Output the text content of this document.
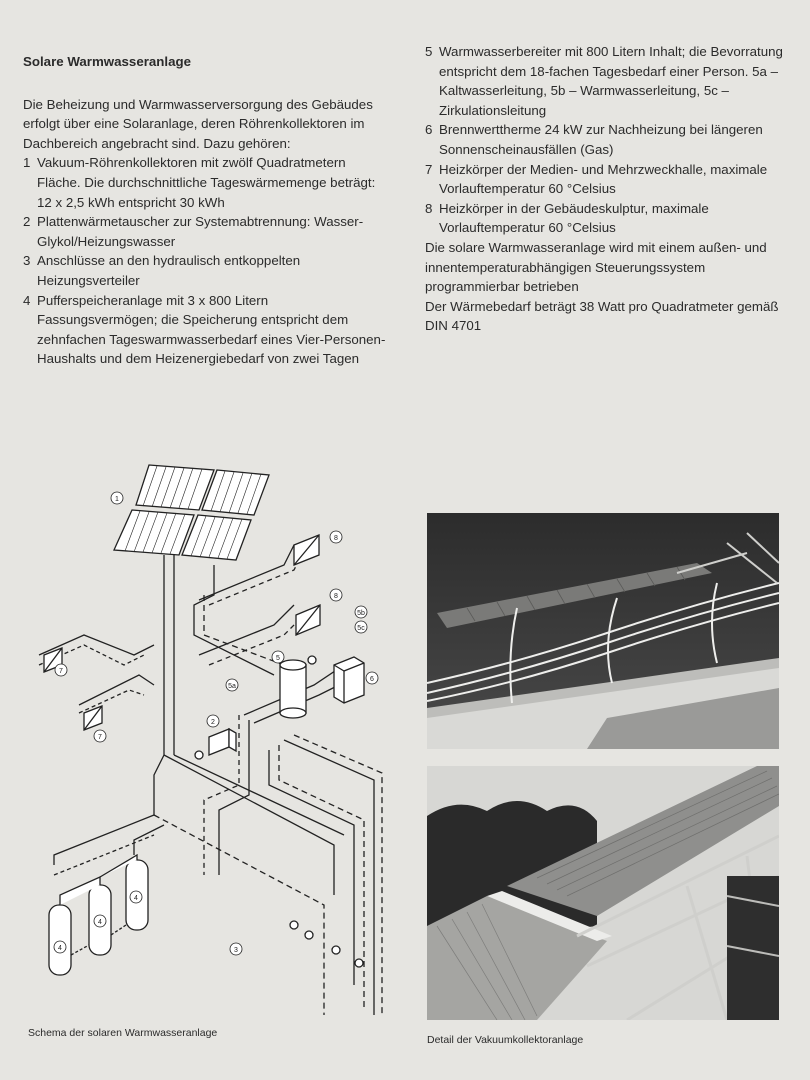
Solare Warmwasseranlage

Die Beheizung und Warmwasserversorgung des Gebäudes erfolgt über eine Solaranlage, deren Röhrenkollektoren im Dachbereich angebracht sind. Dazu gehören:

1 Vakuum-Röhrenkollektoren mit zwölf Quadratmetern Fläche. Die durchschnittliche Tageswärmemenge beträgt: 12 x 2,5 kWh entspricht 30 kWh
2 Plattenwärmetauscher zur Systemabtrennung: Wasser-Glykol/Heizungswasser
3 Anschlüsse an den hydraulisch entkoppelten Heizungsverteiler
4 Pufferspeicheranlage mit 3 x 800 Litern Fassungsvermögen; die Speicherung entspricht dem zehnfachen Tageswarmwasserbedarf eines Vier-Personen-Haushalts und dem Heizenergiebedarf von zwei Tagen
5 Warmwasserbereiter mit 800 Litern Inhalt; die Bevorratung entspricht dem 18-fachen Tagesbedarf einer Person. 5a – Kaltwasserleitung, 5b – Warmwasserleitung, 5c – Zirkulationsleitung
6 Brennwerttherme 24 kW zur Nachheizung bei längeren Sonnenscheinausfällen (Gas)
7 Heizkörper der Medien- und Mehrzweckhalle, maximale Vorlauftemperatur 60 °Celsius
8 Heizkörper in der Gebäudeskulptur, maximale Vorlauftemperatur 60 °Celsius

Die solare Warmwasseranlage wird mit einem außen- und innentemperaturabhängigen Steuerungssystem programmierbar betrieben

Der Wärmebedarf beträgt 38 Watt pro Quadratmeter gemäß DIN 4701

1
8
8
5b
5c
5a
5
6
7
7
2
3
4
4
4
Schema der solaren Warmwasseranlage
Detail der Vakuumkollektoranlage
